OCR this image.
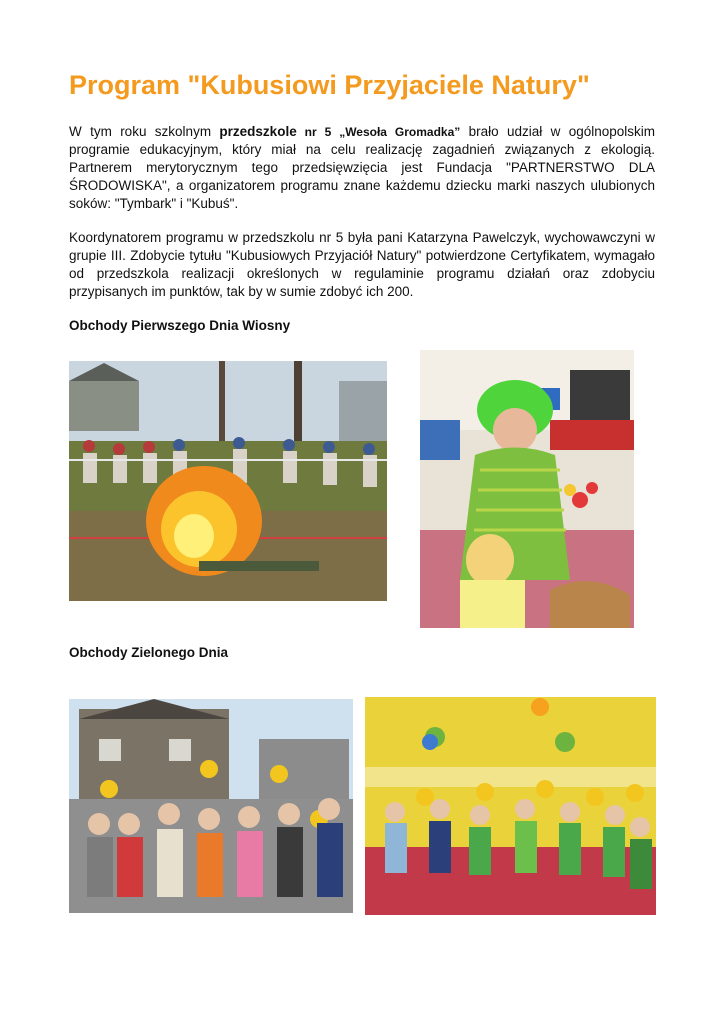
Program "Kubusiowi Przyjaciele Natury"

W tym roku szkolnym przedszkole nr 5 „Wesoła Gromadka” brało udział w ogólnopolskim programie edukacyjnym, który miał na celu realizację zagadnień związanych z ekologią. Partnerem merytorycznym tego przedsięwzięcia jest Fundacja "PARTNERSTWO DLA ŚRODOWISKA", a organizatorem programu znane każdemu dziecku marki naszych ulubionych soków: "Tymbark" i "Kubuś".

Koordynatorem programu w przedszkolu nr 5 była pani Katarzyna Pawelczyk, wychowawczyni w grupie III. Zdobycie tytułu "Kubusiowych Przyjaciół Natury" potwierdzone Certyfikatem, wymagało od przedszkola realizacji określonych w regulaminie programu działań oraz zdobyciu przypisanych im punktów, tak by w sumie zdobyć ich 200.

Obchody Pierwszego Dnia Wiosny
Obchody Zielonego Dnia
